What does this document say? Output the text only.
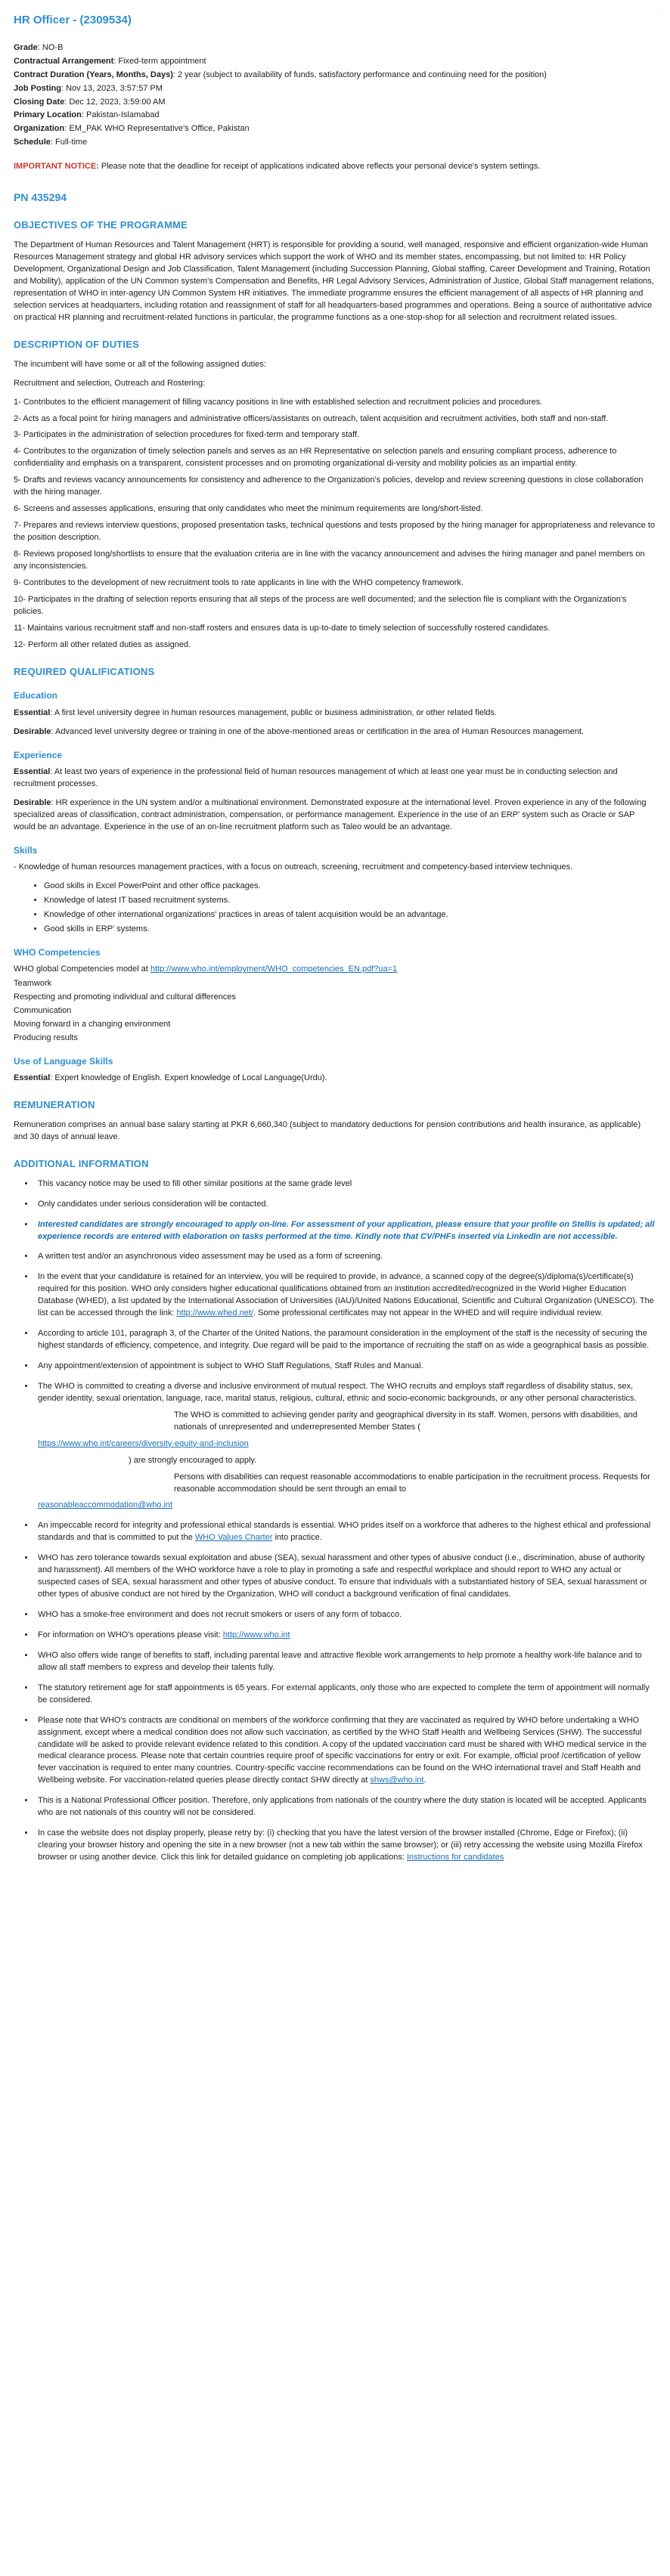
·
HR Officer - (2309534)

Grade: NO-B

Contractual Arrangement: Fixed-term appointment

Contract Duration (Years, Months, Days): 2 year (subject to availability of funds, satisfactory performance and continuing need for the position)

Job Posting: Nov 13, 2023, 3:57:57 PM

Closing Date: Dec 12, 2023, 3:59:00 AM

Primary Location: Pakistan-Islamabad

Organization: EM_PAK WHO Representative's Office, Pakistan

Schedule: Full-time

IMPORTANT NOTICE: Please note that the deadline for receipt of applications indicated above reflects your personal device's system settings.

PN 435294
OBJECTIVES OF THE PROGRAMME

The Department of Human Resources and Talent Management (HRT) is responsible for providing a sound, well managed, responsive and efficient organization-wide Human Resources Management strategy and global HR advisory services which support the work of WHO and its member states, encompassing, but not limited to: HR Policy Development, Organizational Design and Job Classification, Talent Management (including Succession Planning, Global staffing, Career Development and Training, Rotation and Mobility), application of the UN Common system's Compensation and Benefits, HR Legal Advisory Services, Administration of Justice, Global Staff management relations, representation of WHO in inter-agency UN Common System HR initiatives. The immediate programme ensures the efficient management of all aspects of HR planning and selection services at headquarters, including rotation and reassignment of staff for all headquarters-based programmes and operations. Being a source of authoritative advice on practical HR planning and recruitment-related functions in particular, the programme functions as a one-stop-shop for all selection and recruitment related issues.

DESCRIPTION OF DUTIES

The incumbent will have some or all of the following assigned duties:

Recruitment and selection, Outreach and Rostering:

1- Contributes to the efficient management of filling vacancy positions in line with established selection and recruitment policies and procedures.

2- Acts as a focal point for hiring managers and administrative officers/assistants on outreach, talent acquisition and recruitment activities, both staff and non-staff.

3- Participates in the administration of selection procedures for fixed-term and temporary staff.

4- Contributes to the organization of timely selection panels and serves as an HR Representative on selection panels and ensuring compliant process, adherence to confidentiality and emphasis on a transparent, consistent processes and on promoting organizational di-versity and mobility policies as an impartial entity.

5- Drafts and reviews vacancy announcements for consistency and adherence to the Organization's policies, develop and review screening questions in close collaboration with the hiring manager.

6- Screens and assesses applications, ensuring that only candidates who meet the minimum requirements are long/short-listed.

7- Prepares and reviews interview questions, proposed presentation tasks, technical questions and tests proposed by the hiring manager for appropriateness and relevance to the position description.

8- Reviews proposed long/shortlists to ensure that the evaluation criteria are in line with the vacancy announcement and advises the hiring manager and panel members on any inconsistencies.

9- Contributes to the development of new recruitment tools to rate applicants in line with the WHO competency framework.

10- Participates in the drafting of selection reports ensuring that all steps of the process are well documented; and the selection file is compliant with the Organization's policies.

11- Maintains various recruitment staff and non-staff rosters and ensures data is up-to-date to timely selection of successfully rostered candidates.

12- Perform all other related duties as assigned.

REQUIRED QUALIFICATIONS
Education

Essential: A first level university degree in human resources management, public or business administration, or other related fields.

Desirable: Advanced level university degree or training in one of the above-mentioned areas or certification in the area of Human Resources management.

Experience

Essential: At least two years of experience in the professional field of human resources management of which at least one year must be in conducting selection and recruitment processes.

Desirable: HR experience in the UN system and/or a multinational environment. Demonstrated exposure at the international level. Proven experience in any of the following specialized areas of classification, contract administration, compensation, or performance management. Experience in the use of an ERP' system such as Oracle or SAP would be an advantage. Experience in the use of an on-line recruitment platform such as Taleo would be an advantage.

Skills

- Knowledge of human resources management practices, with a focus on outreach, screening, recruitment and competency-based interview techniques.

• Good skills in Excel PowerPoint and other office packages.
• Knowledge of latest IT based recruitment systems.
• Knowledge of other international organizations' practices in areas of talent acquisition would be an advantage.
• Good skills in ERP' systems.
WHO Competencies

WHO global Competencies model at http://www.who.int/employment/WHO_competencies_EN.pdf?ua=1

Teamwork

Respecting and promoting individual and cultural differences

Communication

Moving forward in a changing environment

Producing results

Use of Language Skills

Essential: Expert knowledge of English. Expert knowledge of Local Language(Urdu).

REMUNERATION

Remuneration comprises an annual base salary starting at PKR 6,660,340 (subject to mandatory deductions for pension contributions and health insurance, as applicable) and 30 days of annual leave.

ADDITIONAL INFORMATION
• This vacancy notice may be used to fill other similar positions at the same grade level
• Only candidates under serious consideration will be contacted.
• Interested candidates are strongly encouraged to apply on-line. For assessment of your application, please ensure that your profile on Stellis is updated; all experience records are entered with elaboration on tasks performed at the time. Kindly note that CV/PHFs inserted via LinkedIn are not accessible.
• A written test and/or an asynchronous video assessment may be used as a form of screening.
• In the event that your candidature is retained for an interview, you will be required to provide, in advance, a scanned copy of the degree(s)/diploma(s)/certificate(s) required for this position. WHO only considers higher educational qualifications obtained from an institution accredited/recognized in the World Higher Education Database (WHED), a list updated by the International Association of Universities (IAU)/United Nations Educational, Scientific and Cultural Organization (UNESCO). The list can be accessed through the link: http://www.whed.net/. Some professional certificates may not appear in the WHED and will require individual review.
• According to article 101, paragraph 3, of the Charter of the United Nations, the paramount consideration in the employment of the staff is the necessity of securing the highest standards of efficiency, competence, and integrity. Due regard will be paid to the importance of recruiting the staff on as wide a geographical basis as possible.
• Any appointment/extension of appointment is subject to WHO Staff Regulations, Staff Rules and Manual.
• The WHO is committed to creating a diverse and inclusive environment of mutual respect. The WHO recruits and employs staff regardless of disability status, sex, gender identity, sexual orientation, language, race, marital status, religious, cultural, ethnic and socio-economic backgrounds, or any other personal characteristics.
The WHO is committed to achieving gender parity and geographical diversity in its staff. Women, persons with disabilities, and nationals of unrepresented and underrepresented Member States (
https://www.who.int/careers/diversity-equity-and-inclusion
) are strongly encouraged to apply.
Persons with disabilities can request reasonable accommodations to enable participation in the recruitment process. Requests for reasonable accommodation should be sent through an email to
reasonableaccommodation@who.int
• An impeccable record for integrity and professional ethical standards is essential. WHO prides itself on a workforce that adheres to the highest ethical and professional standards and that is committed to put the WHO Values Charter into practice.
• WHO has zero tolerance towards sexual exploitation and abuse (SEA), sexual harassment and other types of abusive conduct (i.e., discrimination, abuse of authority and harassment). All members of the WHO workforce have a role to play in promoting a safe and respectful workplace and should report to WHO any actual or suspected cases of SEA, sexual harassment and other types of abusive conduct. To ensure that individuals with a substantiated history of SEA, sexual harassment or other types of abusive conduct are not hired by the Organization, WHO will conduct a background verification of final candidates.
• WHO has a smoke-free environment and does not recruit smokers or users of any form of tobacco.
• For information on WHO's operations please visit: http://www.who.int
• WHO also offers wide range of benefits to staff, including parental leave and attractive flexible work arrangements to help promote a healthy work-life balance and to allow all staff members to express and develop their talents fully.
• The statutory retirement age for staff appointments is 65 years. For external applicants, only those who are expected to complete the term of appointment will normally be considered.
• Please note that WHO's contracts are conditional on members of the workforce confirming that they are vaccinated as required by WHO before undertaking a WHO assignment, except where a medical condition does not allow such vaccination, as certified by the WHO Staff Health and Wellbeing Services (SHW). The successful candidate will be asked to provide relevant evidence related to this condition. A copy of the updated vaccination card must be shared with WHO medical service in the medical clearance process. Please note that certain countries require proof of specific vaccinations for entry or exit. For example, official proof /certification of yellow fever vaccination is required to enter many countries. Country-specific vaccine recommendations can be found on the WHO international travel and Staff Health and Wellbeing website. For vaccination-related queries please directly contact SHW directly at shws@who.int.
• This is a National Professional Officer position. Therefore, only applications from nationals of the country where the duty station is located will be accepted. Applicants who are not nationals of this country will not be considered.
• In case the website does not display properly, please retry by: (i) checking that you have the latest version of the browser installed (Chrome, Edge or Firefox); (ii) clearing your browser history and opening the site in a new browser (not a new tab within the same browser); or (iii) retry accessing the website using Mozilla Firefox browser or using another device. Click this link for detailed guidance on completing job applications: Instructions for candidates
